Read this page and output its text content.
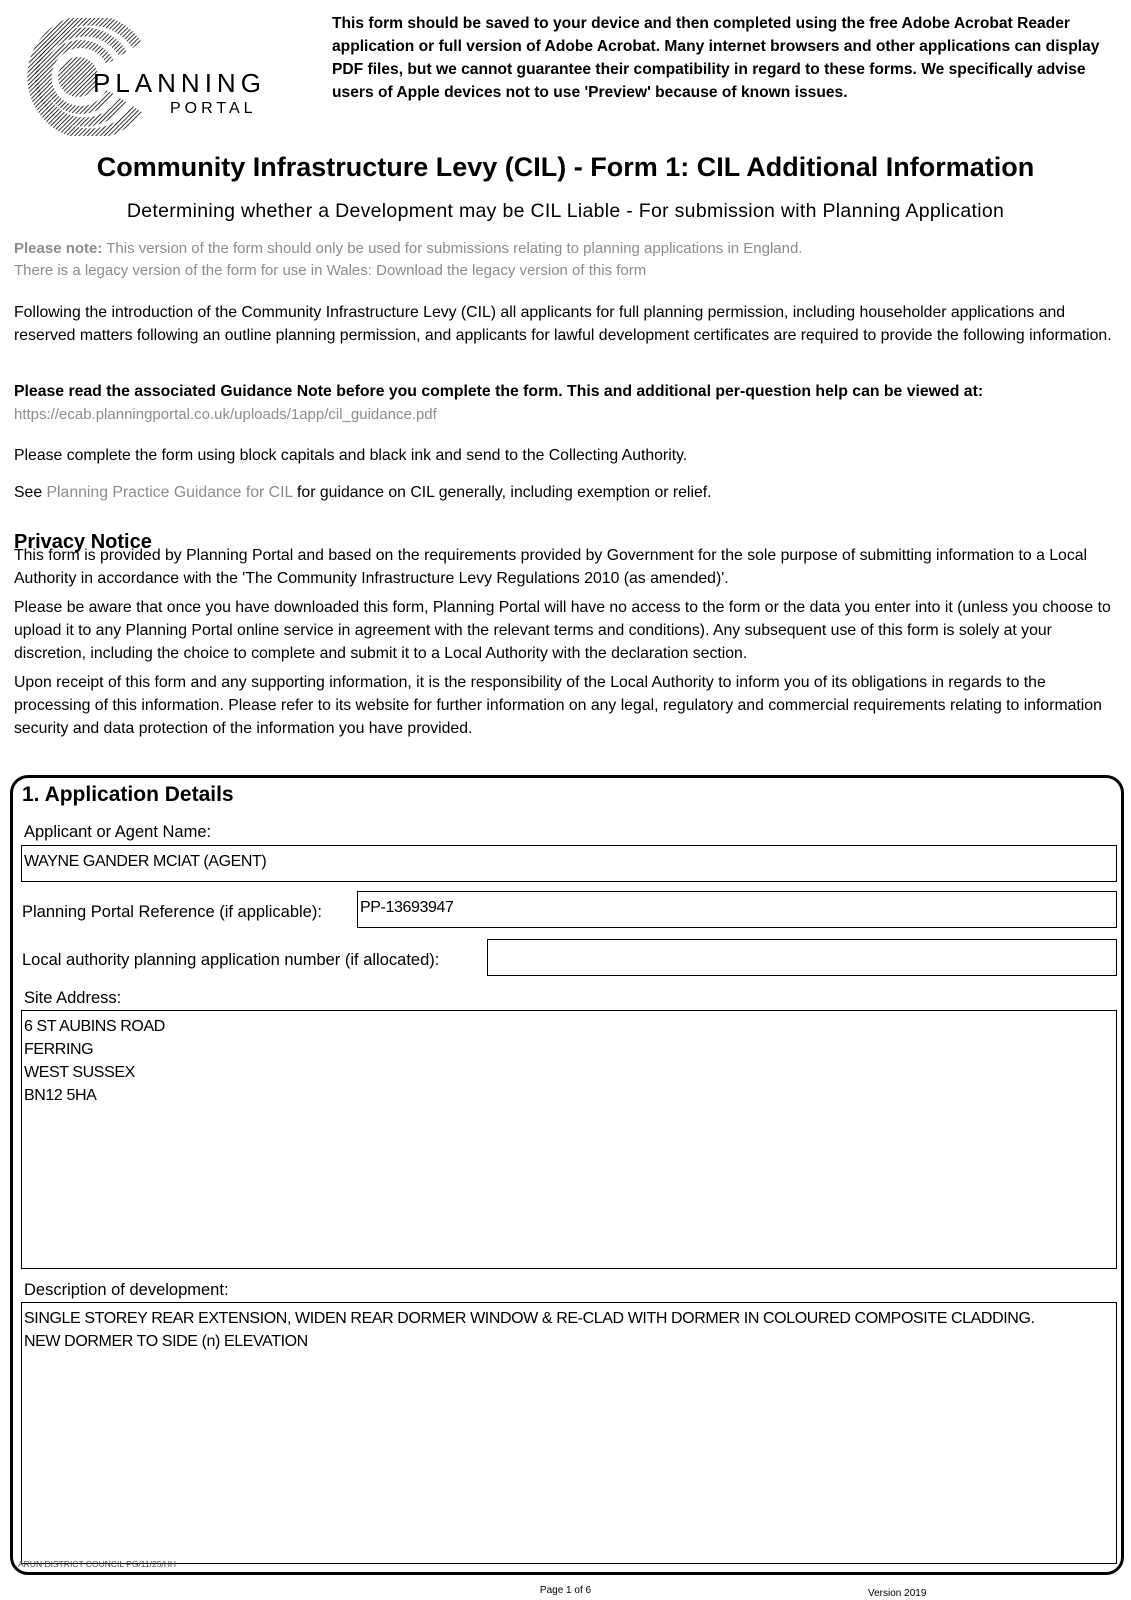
PLANNING
PORTAL
This form should be saved to your device and then completed using the free Adobe Acrobat Reader application or full version of Adobe Acrobat. Many internet browsers and other applications can display PDF files, but we cannot guarantee their compatibility in regard to these forms. We specifically advise users of Apple devices not to use 'Preview' because of known issues.
Community Infrastructure Levy (CIL) - Form 1: CIL Additional Information
Determining whether a Development may be CIL Liable - For submission with Planning Application
Please note: This version of the form should only be used for submissions relating to planning applications in England.
There is a legacy version of the form for use in Wales: Download the legacy version of this form

Following the introduction of the Community Infrastructure Levy (CIL) all applicants for full planning permission, including householder applications and reserved matters following an outline planning permission, and applicants for lawful development certificates are required to provide the following information.

Please read the associated Guidance Note before you complete the form. This and additional per-question help can be viewed at:

https://ecab.planningportal.co.uk/uploads/1app/cil_guidance.pdf

Please complete the form using block capitals and black ink and send to the Collecting Authority.

See Planning Practice Guidance for CIL for guidance on CIL generally, including exemption or relief.

Privacy Notice

This form is provided by Planning Portal and based on the requirements provided by Government for the sole purpose of submitting information to a Local Authority in accordance with the 'The Community Infrastructure Levy Regulations 2010 (as amended)'.

Please be aware that once you have downloaded this form, Planning Portal will have no access to the form or the data you enter into it (unless you choose to upload it to any Planning Portal online service in agreement with the relevant terms and conditions). Any subsequent use of this form is solely at your discretion, including the choice to complete and submit it to a Local Authority with the declaration section.

Upon receipt of this form and any supporting information, it is the responsibility of the Local Authority to inform you of its obligations in regards to the processing of this information. Please refer to its website for further information on any legal, regulatory and commercial requirements relating to information security and data protection of the information you have provided.

1. Application Details
Applicant or Agent Name:
WAYNE GANDER MCIAT (AGENT)
Planning Portal Reference (if applicable): PP-13693947
Local authority planning application number (if allocated):
Site Address:
6 ST AUBINS ROAD
FERRING
WEST SUSSEX
BN12 5HA
Description of development:
SINGLE STOREY REAR EXTENSION, WIDEN REAR DORMER WINDOW & RE-CLAD WITH DORMER IN COLOURED COMPOSITE CLADDING.
NEW DORMER TO SIDE (n) ELEVATION
ARUN DISTRICT COUNCIL PG/11/25/HH
Page 1 of 6	Version 2019
